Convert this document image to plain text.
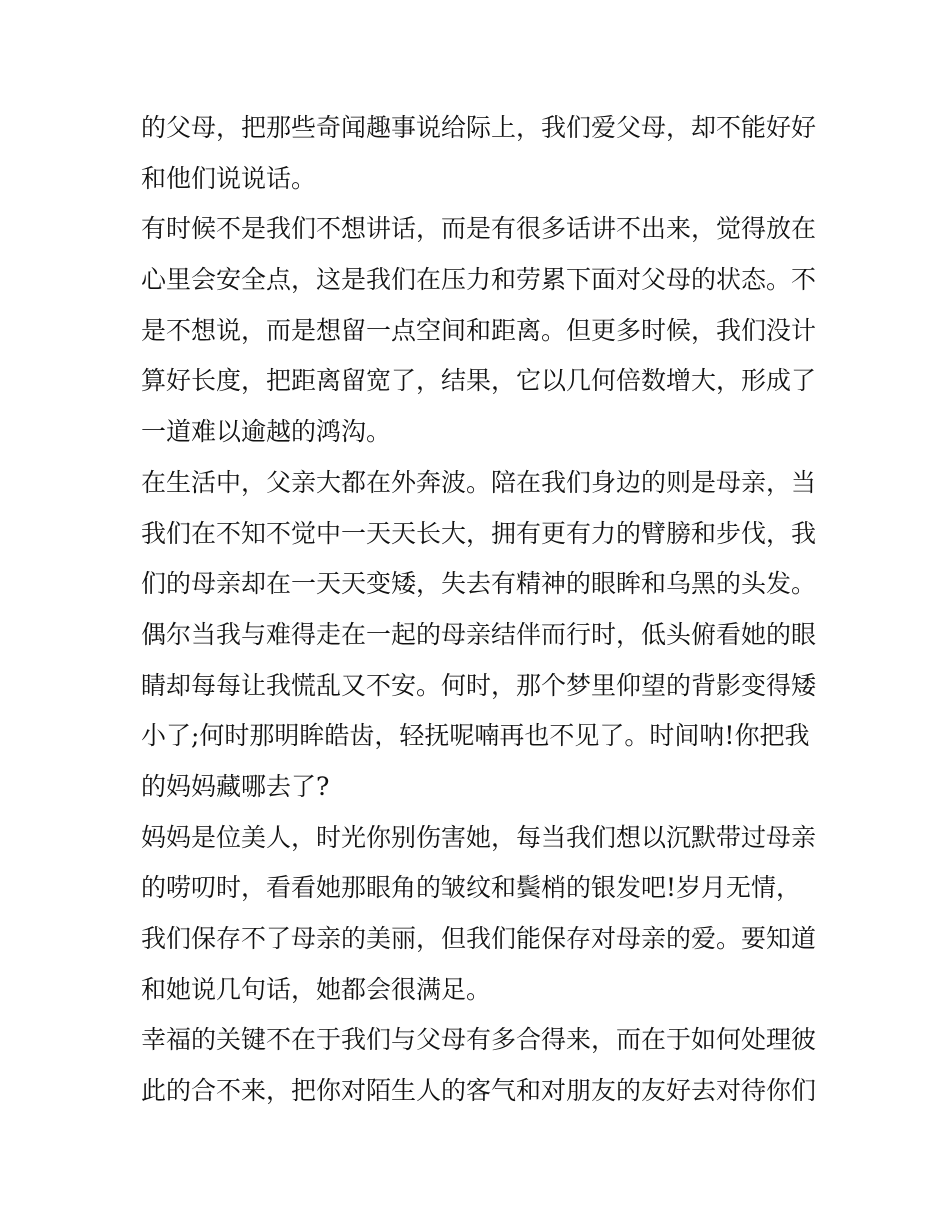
的父母，把那些奇闻趣事说给际上，我们爱父母，却不能好好
和他们说说话。
有时候不是我们不想讲话，而是有很多话讲不出来，觉得放在
心里会安全点，这是我们在压力和劳累下面对父母的状态。不
是不想说，而是想留一点空间和距离。但更多时候，我们没计
算好长度，把距离留宽了，结果，它以几何倍数增大，形成了
一道难以逾越的鸿沟。
在生活中，父亲大都在外奔波。陪在我们身边的则是母亲，当
我们在不知不觉中一天天长大，拥有更有力的臂膀和步伐，我
们的母亲却在一天天变矮，失去有精神的眼眸和乌黑的头发。
偶尔当我与难得走在一起的母亲结伴而行时，低头俯看她的眼
睛却每每让我慌乱又不安。何时，那个梦里仰望的背影变得矮
小了;何时那明眸皓齿，轻抚呢喃再也不见了。时间呐!你把我
的妈妈藏哪去了?
妈妈是位美人，时光你别伤害她，每当我们想以沉默带过母亲
的唠叨时，看看她那眼角的皱纹和鬓梢的银发吧!岁月无情，
我们保存不了母亲的美丽，但我们能保存对母亲的爱。要知道
和她说几句话，她都会很满足。
幸福的关键不在于我们与父母有多合得来，而在于如何处理彼
此的合不来，把你对陌生人的客气和对朋友的友好去对待你们
